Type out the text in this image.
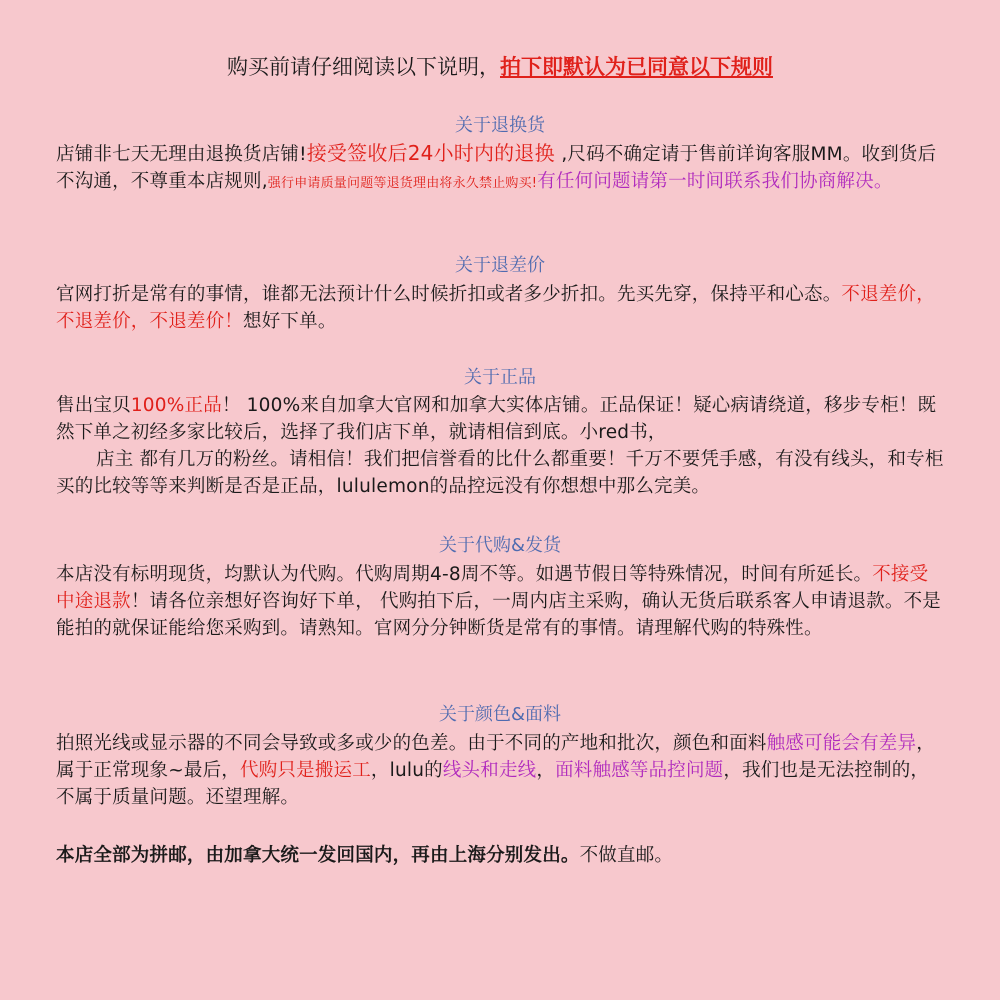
购买前请仔细阅读以下说明，拍下即默认为已同意以下规则
关于退换货
店铺非七天无理由退换货店铺!接受签收后24小时内的退换 ,尺码不确定请于售前详询客服MM。收到货后不沟通，不尊重本店规则,强行申请质量问题等退货理由将永久禁止购买!有任何问题请第一时间联系我们协商解决。
关于退差价
官网打折是常有的事情，谁都无法预计什么时候折扣或者多少折扣。先买先穿，保持平和心态。不退差价，不退差价，不退差价！想好下单。
关于正品
售出宝贝100%正品！ 100%来自加拿大官网和加拿大实体店铺。正品保证！疑心病请绕道，移步专柜！既然下单之初经多家比较后，选择了我们店下单，就请相信到底。小red书，
店主 都有几万的粉丝。请相信！我们把信誉看的比什么都重要！千万不要凭手感，有没有线头，和专柜买的比较等等来判断是否是正品，lululemon的品控远没有你想想中那么完美。
关于代购&发货
本店没有标明现货，均默认为代购。代购周期4-8周不等。如遇节假日等特殊情况，时间有所延长。不接受中途退款！请各位亲想好咨询好下单， 代购拍下后，一周内店主采购，确认无货后联系客人申请退款。不是能拍的就保证能给您采购到。请熟知。官网分分钟断货是常有的事情。请理解代购的特殊性。
关于颜色&面料
拍照光线或显示器的不同会导致或多或少的色差。由于不同的产地和批次，颜色和面料触感可能会有差异，属于正常现象~最后，代购只是搬运工，lulu的线头和走线，面料触感等品控问题，我们也是无法控制的，不属于质量问题。还望理解。
本店全部为拼邮，由加拿大统一发回国内，再由上海分别发出。不做直邮。
